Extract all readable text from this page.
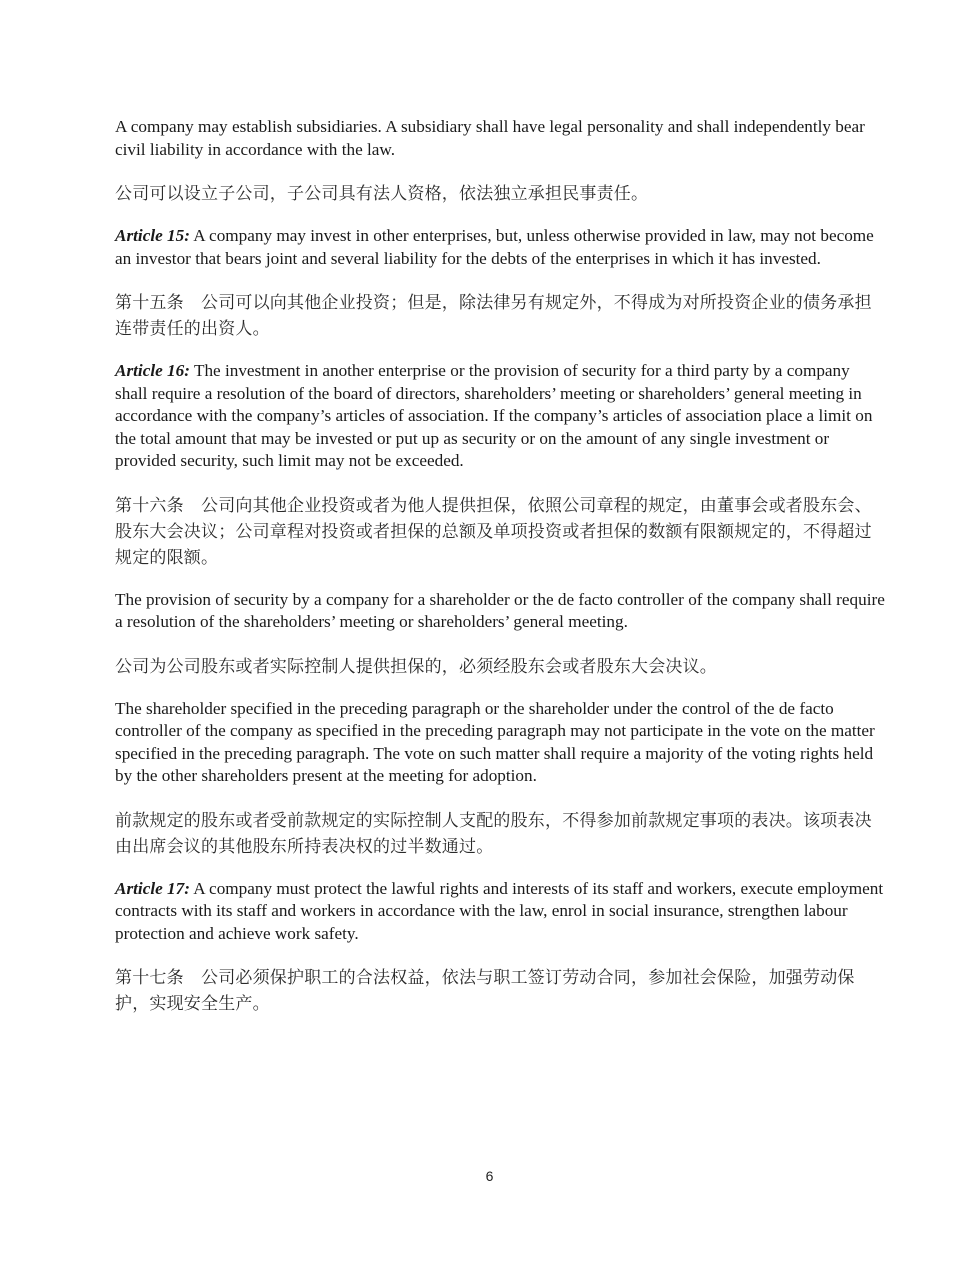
A company may establish subsidiaries. A subsidiary shall have legal personality and shall independently bear civil liability in accordance with the law.

公司可以设立子公司，子公司具有法人资格，依法独立承担民事责任。

Article 15: A company may invest in other enterprises, but, unless otherwise provided in law, may not become an investor that bears joint and several liability for the debts of the enterprises in which it has invested.

第十五条　公司可以向其他企业投资；但是，除法律另有规定外，不得成为对所投资企业的债务承担连带责任的出资人。

Article 16: The investment in another enterprise or the provision of security for a third party by a company shall require a resolution of the board of directors, shareholders’ meeting or shareholders’ general meeting in accordance with the company’s articles of association. If the company’s articles of association place a limit on the total amount that may be invested or put up as security or on the amount of any single investment or provided security, such limit may not be exceeded.

第十六条　公司向其他企业投资或者为他人提供担保，依照公司章程的规定，由董事会或者股东会、股东大会决议；公司章程对投资或者担保的总额及单项投资或者担保的数额有限额规定的，不得超过规定的限额。

The provision of security by a company for a shareholder or the de facto controller of the company shall require a resolution of the shareholders’ meeting or shareholders’ general meeting.

公司为公司股东或者实际控制人提供担保的，必须经股东会或者股东大会决议。

The shareholder specified in the preceding paragraph or the shareholder under the control of the de facto controller of the company as specified in the preceding paragraph may not participate in the vote on the matter specified in the preceding paragraph. The vote on such matter shall require a majority of the voting rights held by the other shareholders present at the meeting for adoption.

前款规定的股东或者受前款规定的实际控制人支配的股东，不得参加前款规定事项的表决。该项表决由出席会议的其他股东所持表决权的过半数通过。

Article 17: A company must protect the lawful rights and interests of its staff and workers, execute employment contracts with its staff and workers in accordance with the law, enrol in social insurance, strengthen labour protection and achieve work safety.

第十七条　公司必须保护职工的合法权益，依法与职工签订劳动合同，参加社会保险，加强劳动保护，实现安全生产。

6
